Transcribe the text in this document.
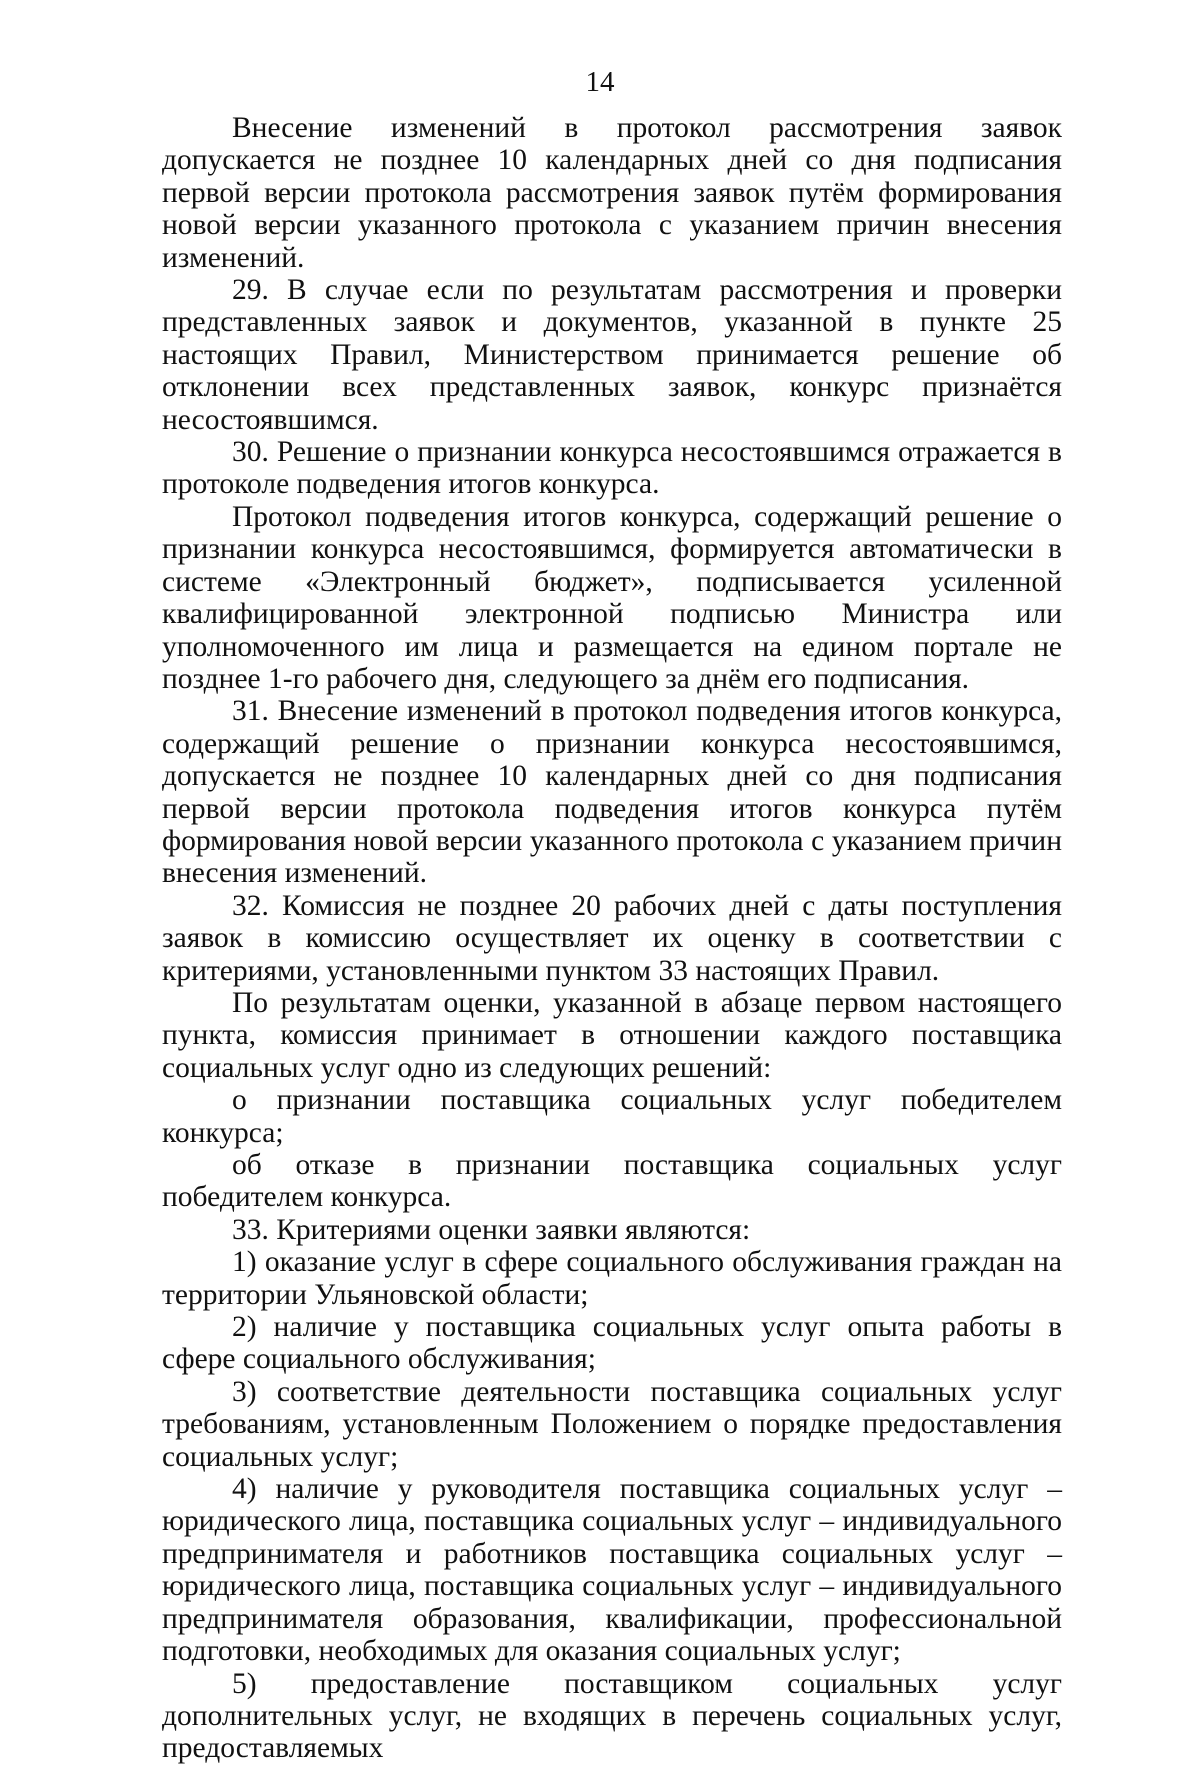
14

Внесение изменений в протокол рассмотрения заявок допускается не позднее 10 календарных дней со дня подписания первой версии протокола рассмотрения заявок путём формирования новой версии указанного протокола с указанием причин внесения изменений.

29. В случае если по результатам рассмотрения и проверки представленных заявок и документов, указанной в пункте 25 настоящих Правил, Министерством принимается решение об отклонении всех представленных заявок, конкурс признаётся несостоявшимся.

30. Решение о признании конкурса несостоявшимся отражается в протоколе подведения итогов конкурса.

Протокол подведения итогов конкурса, содержащий решение о признании конкурса несостоявшимся, формируется автоматически в системе «Электронный бюджет», подписывается усиленной квалифицированной электронной подписью Министра или уполномоченного им лица и размещается на едином портале не позднее 1-го рабочего дня, следующего за днём его подписания.

31. Внесение изменений в протокол подведения итогов конкурса, содержащий решение о признании конкурса несостоявшимся, допускается не позднее 10 календарных дней со дня подписания первой версии протокола подведения итогов конкурса путём формирования новой версии указанного протокола с указанием причин внесения изменений.

32. Комиссия не позднее 20 рабочих дней с даты поступления заявок в комиссию осуществляет их оценку в соответствии с критериями, установленными пунктом 33 настоящих Правил.

По результатам оценки, указанной в абзаце первом настоящего пункта, комиссия принимает в отношении каждого поставщика социальных услуг одно из следующих решений:

о признании поставщика социальных услуг победителем конкурса;

об отказе в признании поставщика социальных услуг победителем конкурса.

33. Критериями оценки заявки являются:

1) оказание услуг в сфере социального обслуживания граждан на территории Ульяновской области;

2) наличие у поставщика социальных услуг опыта работы в сфере социального обслуживания;

3) соответствие деятельности поставщика социальных услуг требованиям, установленным Положением о порядке предоставления социальных услуг;

4) наличие у руководителя поставщика социальных услуг – юридического лица, поставщика социальных услуг – индивидуального предпринимателя и работников поставщика социальных услуг – юридического лица, поставщика социальных услуг – индивидуального предпринимателя образования, квалификации, профессиональной подготовки, необходимых для оказания социальных услуг;

5) предоставление поставщиком социальных услуг дополнительных услуг, не входящих в перечень социальных услуг, предоставляемых
